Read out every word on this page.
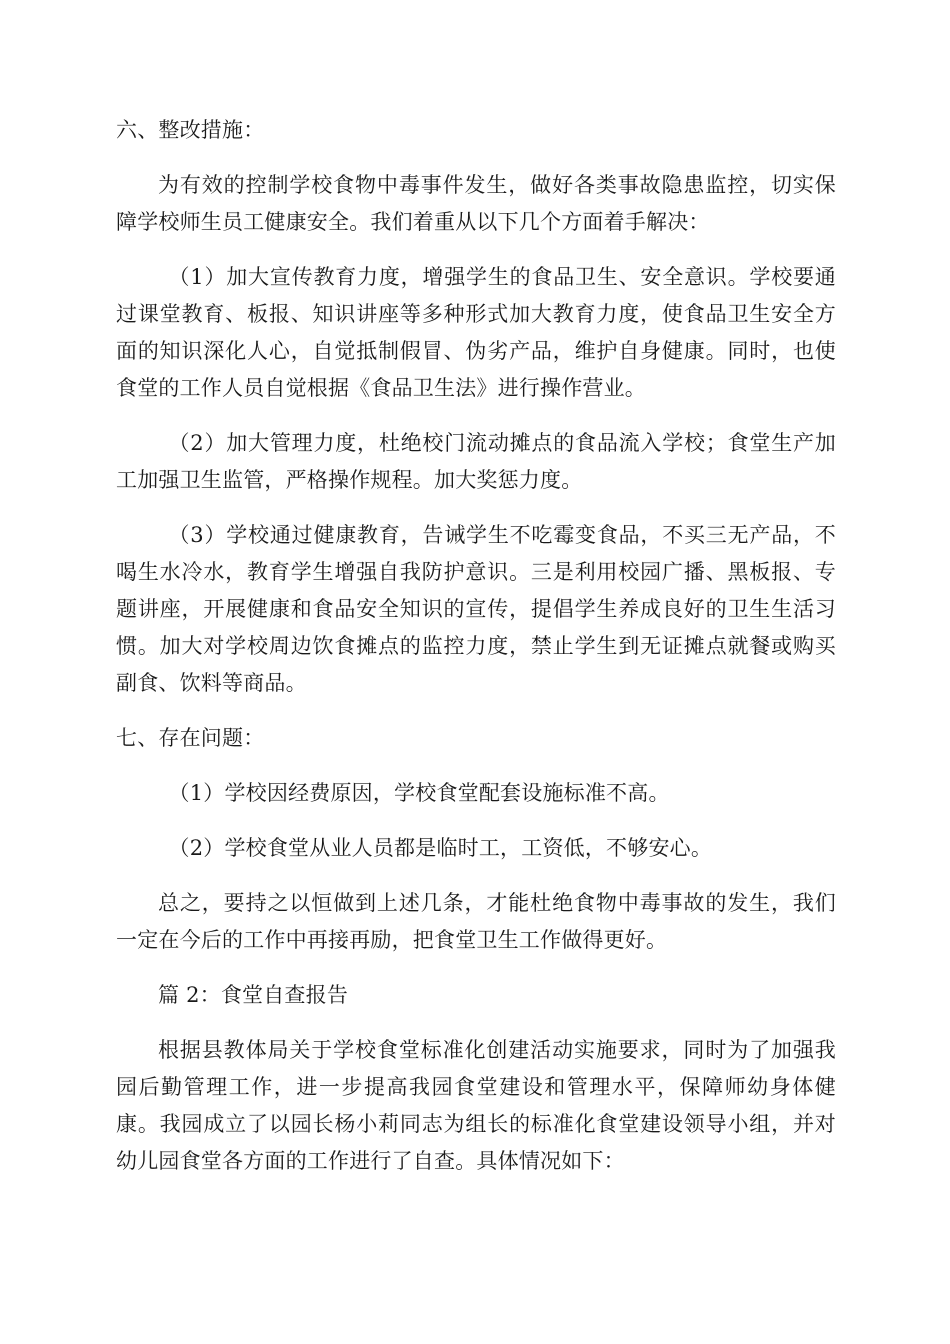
六、整改措施：

为有效的控制学校食物中毒事件发生，做好各类事故隐患监控，切实保障学校师生员工健康安全。我们着重从以下几个方面着手解决：

（1）加大宣传教育力度，增强学生的食品卫生、安全意识。学校要通过课堂教育、板报、知识讲座等多种形式加大教育力度，使食品卫生安全方面的知识深化人心，自觉抵制假冒、伪劣产品，维护自身健康。同时，也使食堂的工作人员自觉根据《食品卫生法》进行操作营业。

（2）加大管理力度，杜绝校门流动摊点的食品流入学校；食堂生产加工加强卫生监管，严格操作规程。加大奖惩力度。

（3）学校通过健康教育，告诫学生不吃霉变食品，不买三无产品，不喝生水冷水，教育学生增强自我防护意识。三是利用校园广播、黑板报、专题讲座，开展健康和食品安全知识的宣传，提倡学生养成良好的卫生生活习惯。加大对学校周边饮食摊点的监控力度，禁止学生到无证摊点就餐或购买副食、饮料等商品。

七、存在问题：

（1）学校因经费原因，学校食堂配套设施标准不高。

（2）学校食堂从业人员都是临时工，工资低，不够安心。

总之，要持之以恒做到上述几条，才能杜绝食物中毒事故的发生，我们一定在今后的工作中再接再励，把食堂卫生工作做得更好。

篇 2：食堂自查报告

根据县教体局关于学校食堂标准化创建活动实施要求，同时为了加强我园后勤管理工作，进一步提高我园食堂建设和管理水平，保障师幼身体健康。我园成立了以园长杨小莉同志为组长的标准化食堂建设领导小组，并对幼儿园食堂各方面的工作进行了自查。具体情况如下：
